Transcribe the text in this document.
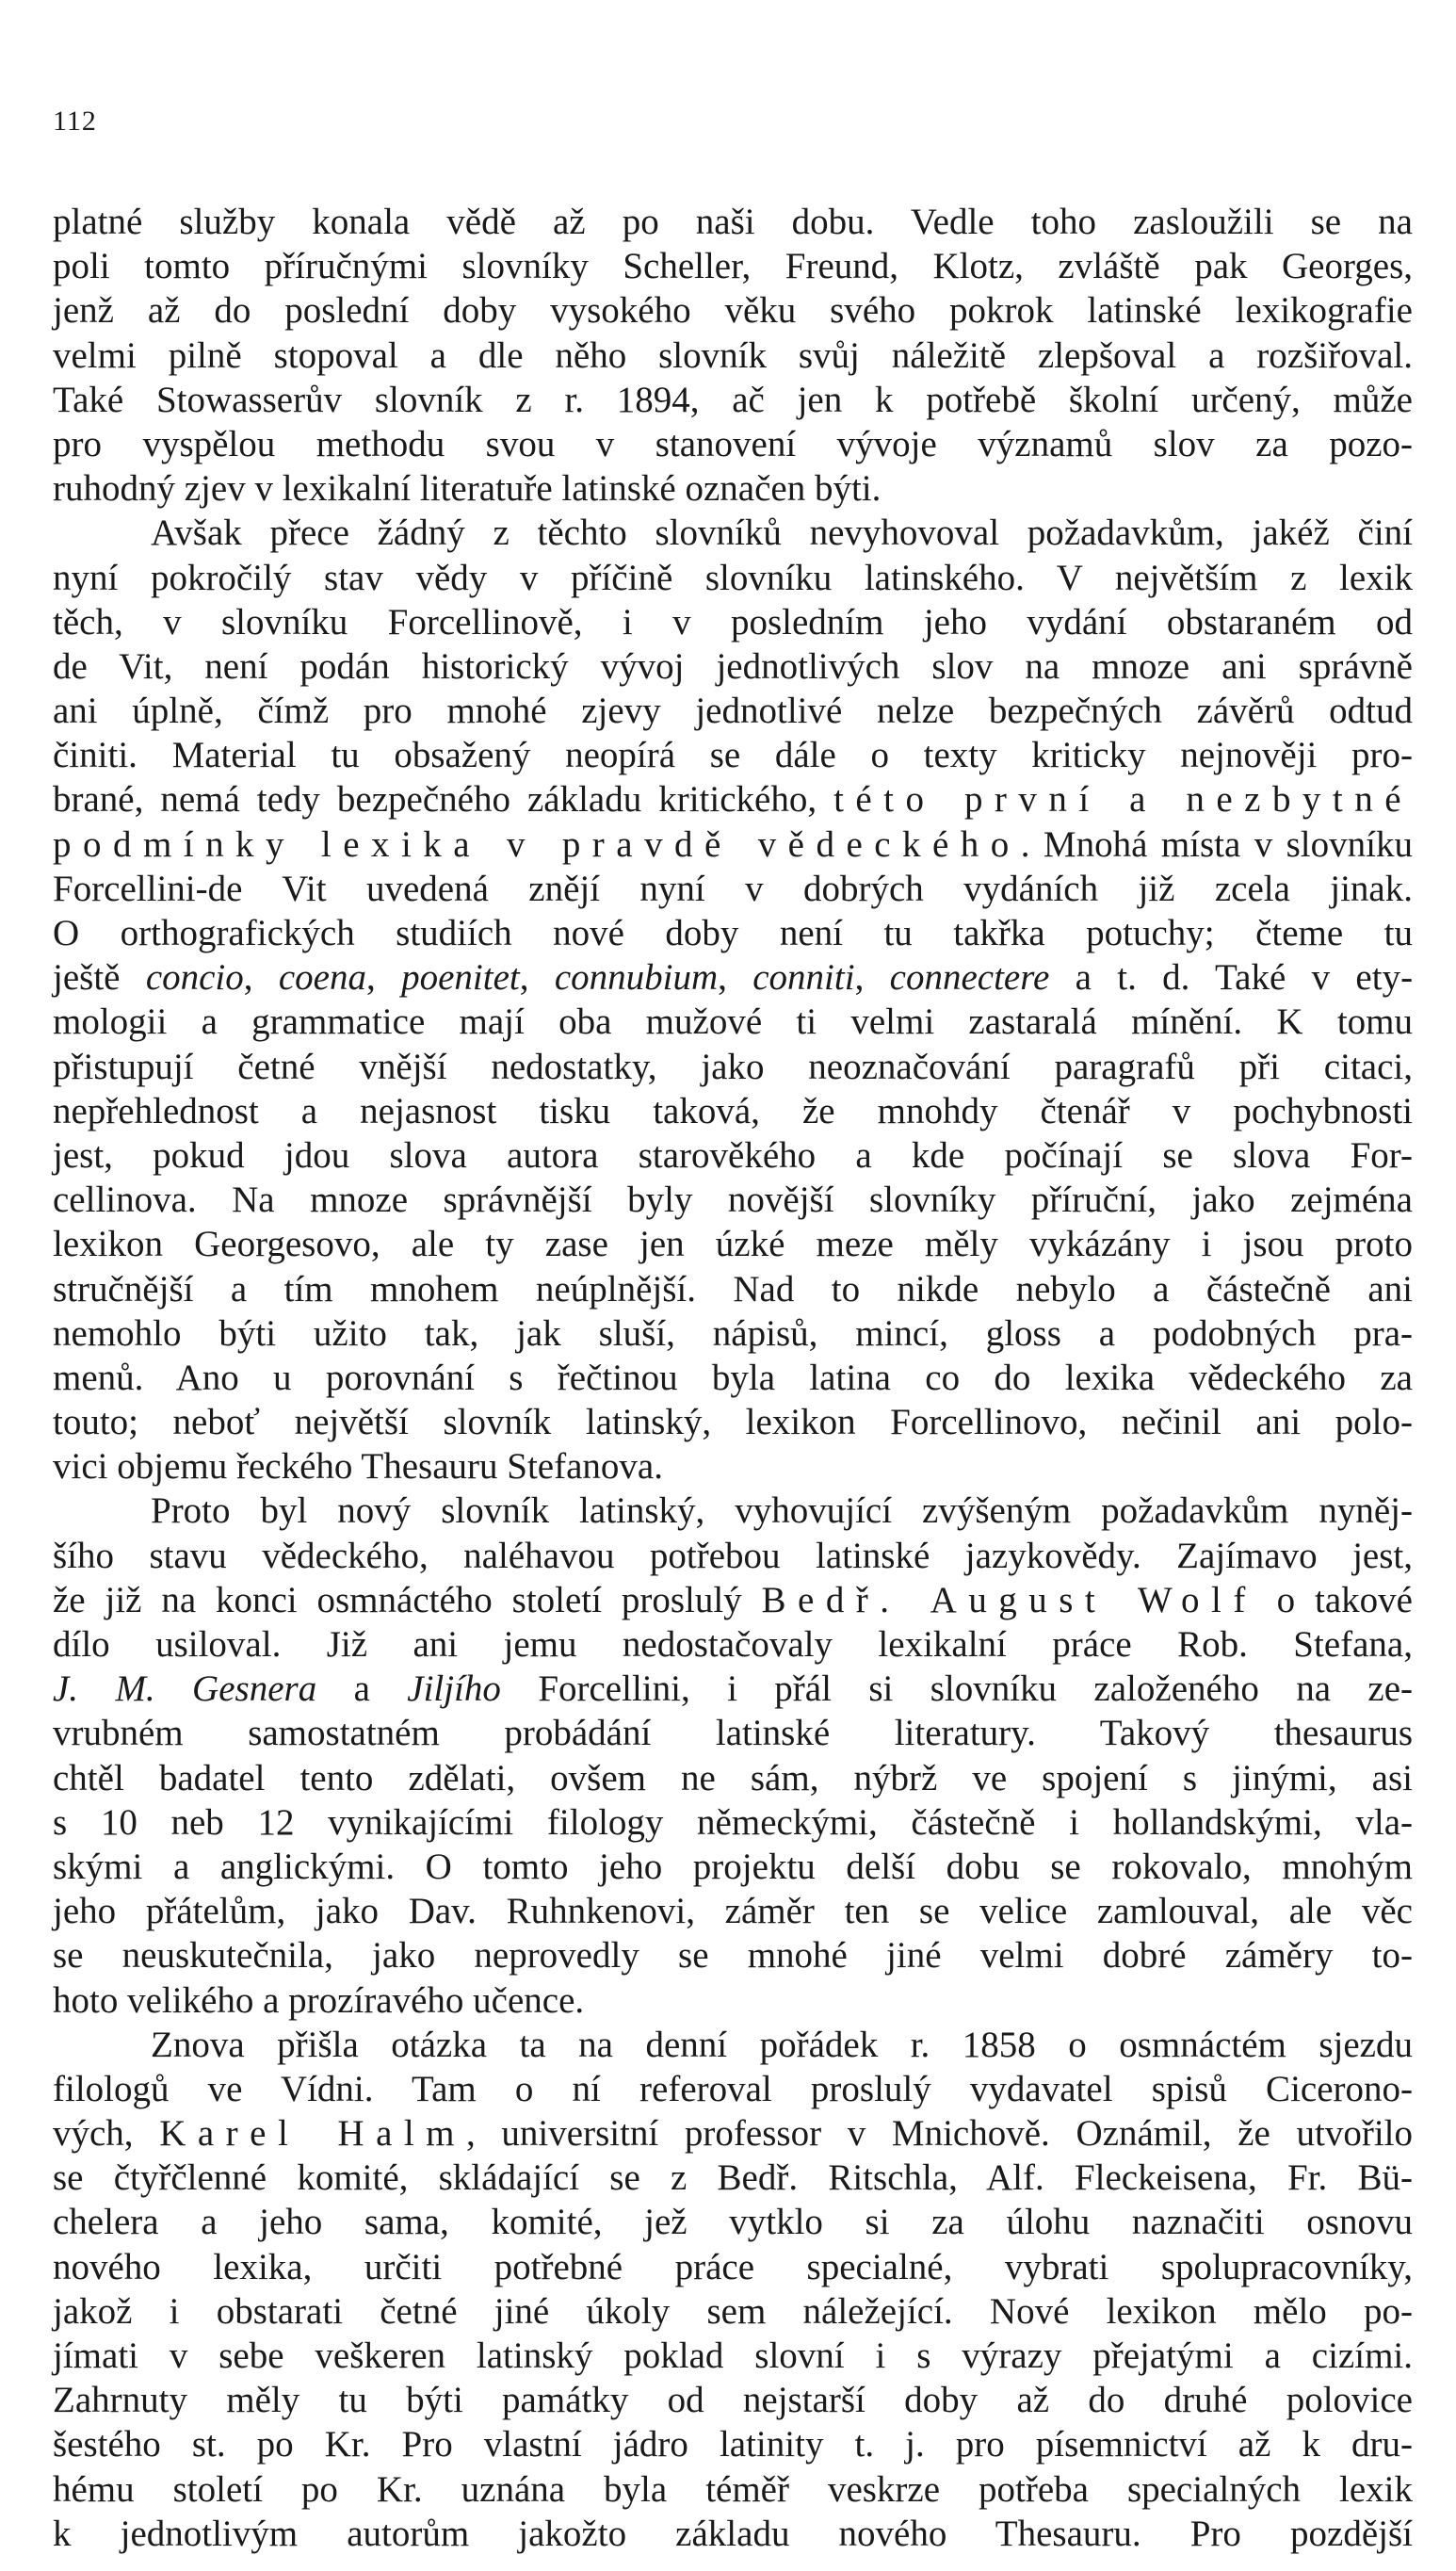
112
platné služby konala vědě až po naši dobu. Vedle toho zasloužili se na
poli tomto příručnými slovníky Scheller, Freund, Klotz, zvláště pak Georges,
jenž až do poslední doby vysokého věku svého pokrok latinské lexikografie
velmi pilně stopoval a dle něho slovník svůj náležitě zlepšoval a rozšiřoval.
Také Stowasserův slovník z r. 1894, ač jen k potřebě školní určený, může
pro vyspělou methodu svou v stanovení vývoje významů slov za pozo-
ruhodný zjev v lexikalní literatuře latinské označen býti.
Avšak přece žádný z těchto slovníků nevyhovoval požadavkům, jakéž činí
nyní pokročilý stav vědy v příčině slovníku latinského. V největším z lexik
těch, v slovníku Forcellinově, i v posledním jeho vydání obstaraném od
de Vit, není podán historický vývoj jednotlivých slov na mnoze ani správně
ani úplně, čímž pro mnohé zjevy jednotlivé nelze bezpečných závěrů odtud
činiti. Material tu obsažený neopírá se dále o texty kriticky nejnověji pro-
brané, nemá tedy bezpečného základu kritického, této první a nezbytné
podmínky lexika v pravdě vědeckého. Mnohá místa v slovníku
Forcellini-de Vit uvedená znějí nyní v dobrých vydáních již zcela jinak.
O orthografických studiích nové doby není tu takřka potuchy; čteme tu
ještě concio, coena, poenitet, connubium, conniti, connectere a t. d. Také v ety-
mologii a grammatice mají oba mužové ti velmi zastaralá mínění. K tomu
přistupují četné vnější nedostatky, jako neoznačování paragrafů při citaci,
nepřehlednost a nejasnost tisku taková, že mnohdy čtenář v pochybnosti
jest, pokud jdou slova autora starověkého a kde počínají se slova For-
cellinova. Na mnoze správnější byly novější slovníky příruční, jako zejména
lexikon Georgesovo, ale ty zase jen úzké meze měly vykázány i jsou proto
stručnější a tím mnohem neúplnější. Nad to nikde nebylo a částečně ani
nemohlo býti užito tak, jak sluší, nápisů, mincí, gloss a podobných pra-
menů. Ano u porovnání s řečtinou byla latina co do lexika vědeckého za
touto; neboť největší slovník latinský, lexikon Forcellinovo, nečinil ani polo-
vici objemu řeckého Thesauru Stefanova.
Proto byl nový slovník latinský, vyhovující zvýšeným požadavkům nyněj-
šího stavu vědeckého, naléhavou potřebou latinské jazykovědy. Zajímavo jest,
že již na konci osmnáctého století proslulý Bedř. August Wolf o takové
dílo usiloval. Již ani jemu nedostačovaly lexikalní práce Rob. Stefana,
J. M. Gesnera a Jiljího Forcellini, i přál si slovníku založeného na ze-
vrubném samostatném probádání latinské literatury. Takový thesaurus
chtěl badatel tento zdělati, ovšem ne sám, nýbrž ve spojení s jinými, asi
s 10 neb 12 vynikajícími filology německými, částečně i hollandskými, vla-
skými a anglickými. O tomto jeho projektu delší dobu se rokovalo, mnohým
jeho přátelům, jako Dav. Ruhnkenovi, záměr ten se velice zamlouval, ale věc
se neuskutečnila, jako neprovedly se mnohé jiné velmi dobré záměry to-
hoto velikého a prozíravého učence.
Znova přišla otázka ta na denní pořádek r. 1858 o osmnáctém sjezdu
filologů ve Vídni. Tam o ní referoval proslulý vydavatel spisů Cicerono-
vých, Karel Halm, universitní professor v Mnichově. Oznámil, že utvořilo
se čtyřčlenné komité, skládající se z Bedř. Ritschla, Alf. Fleckeisena, Fr. Bü-
chelera a jeho sama, komité, jež vytklo si za úlohu naznačiti osnovu
nového lexika, určiti potřebné práce specialné, vybrati spolupracovníky,
jakož i obstarati četné jiné úkoly sem náležející. Nové lexikon mělo po-
jímati v sebe veškeren latinský poklad slovní i s výrazy přejatými a cizími.
Zahrnuty měly tu býti památky od nejstarší doby až do druhé polovice
šestého st. po Kr. Pro vlastní jádro latinity t. j. pro písemnictví až k dru-
hému století po Kr. uznána byla téměř veskrze potřeba specialných lexik
k jednotlivým autorům jakožto základu nového Thesauru. Pro pozdější
